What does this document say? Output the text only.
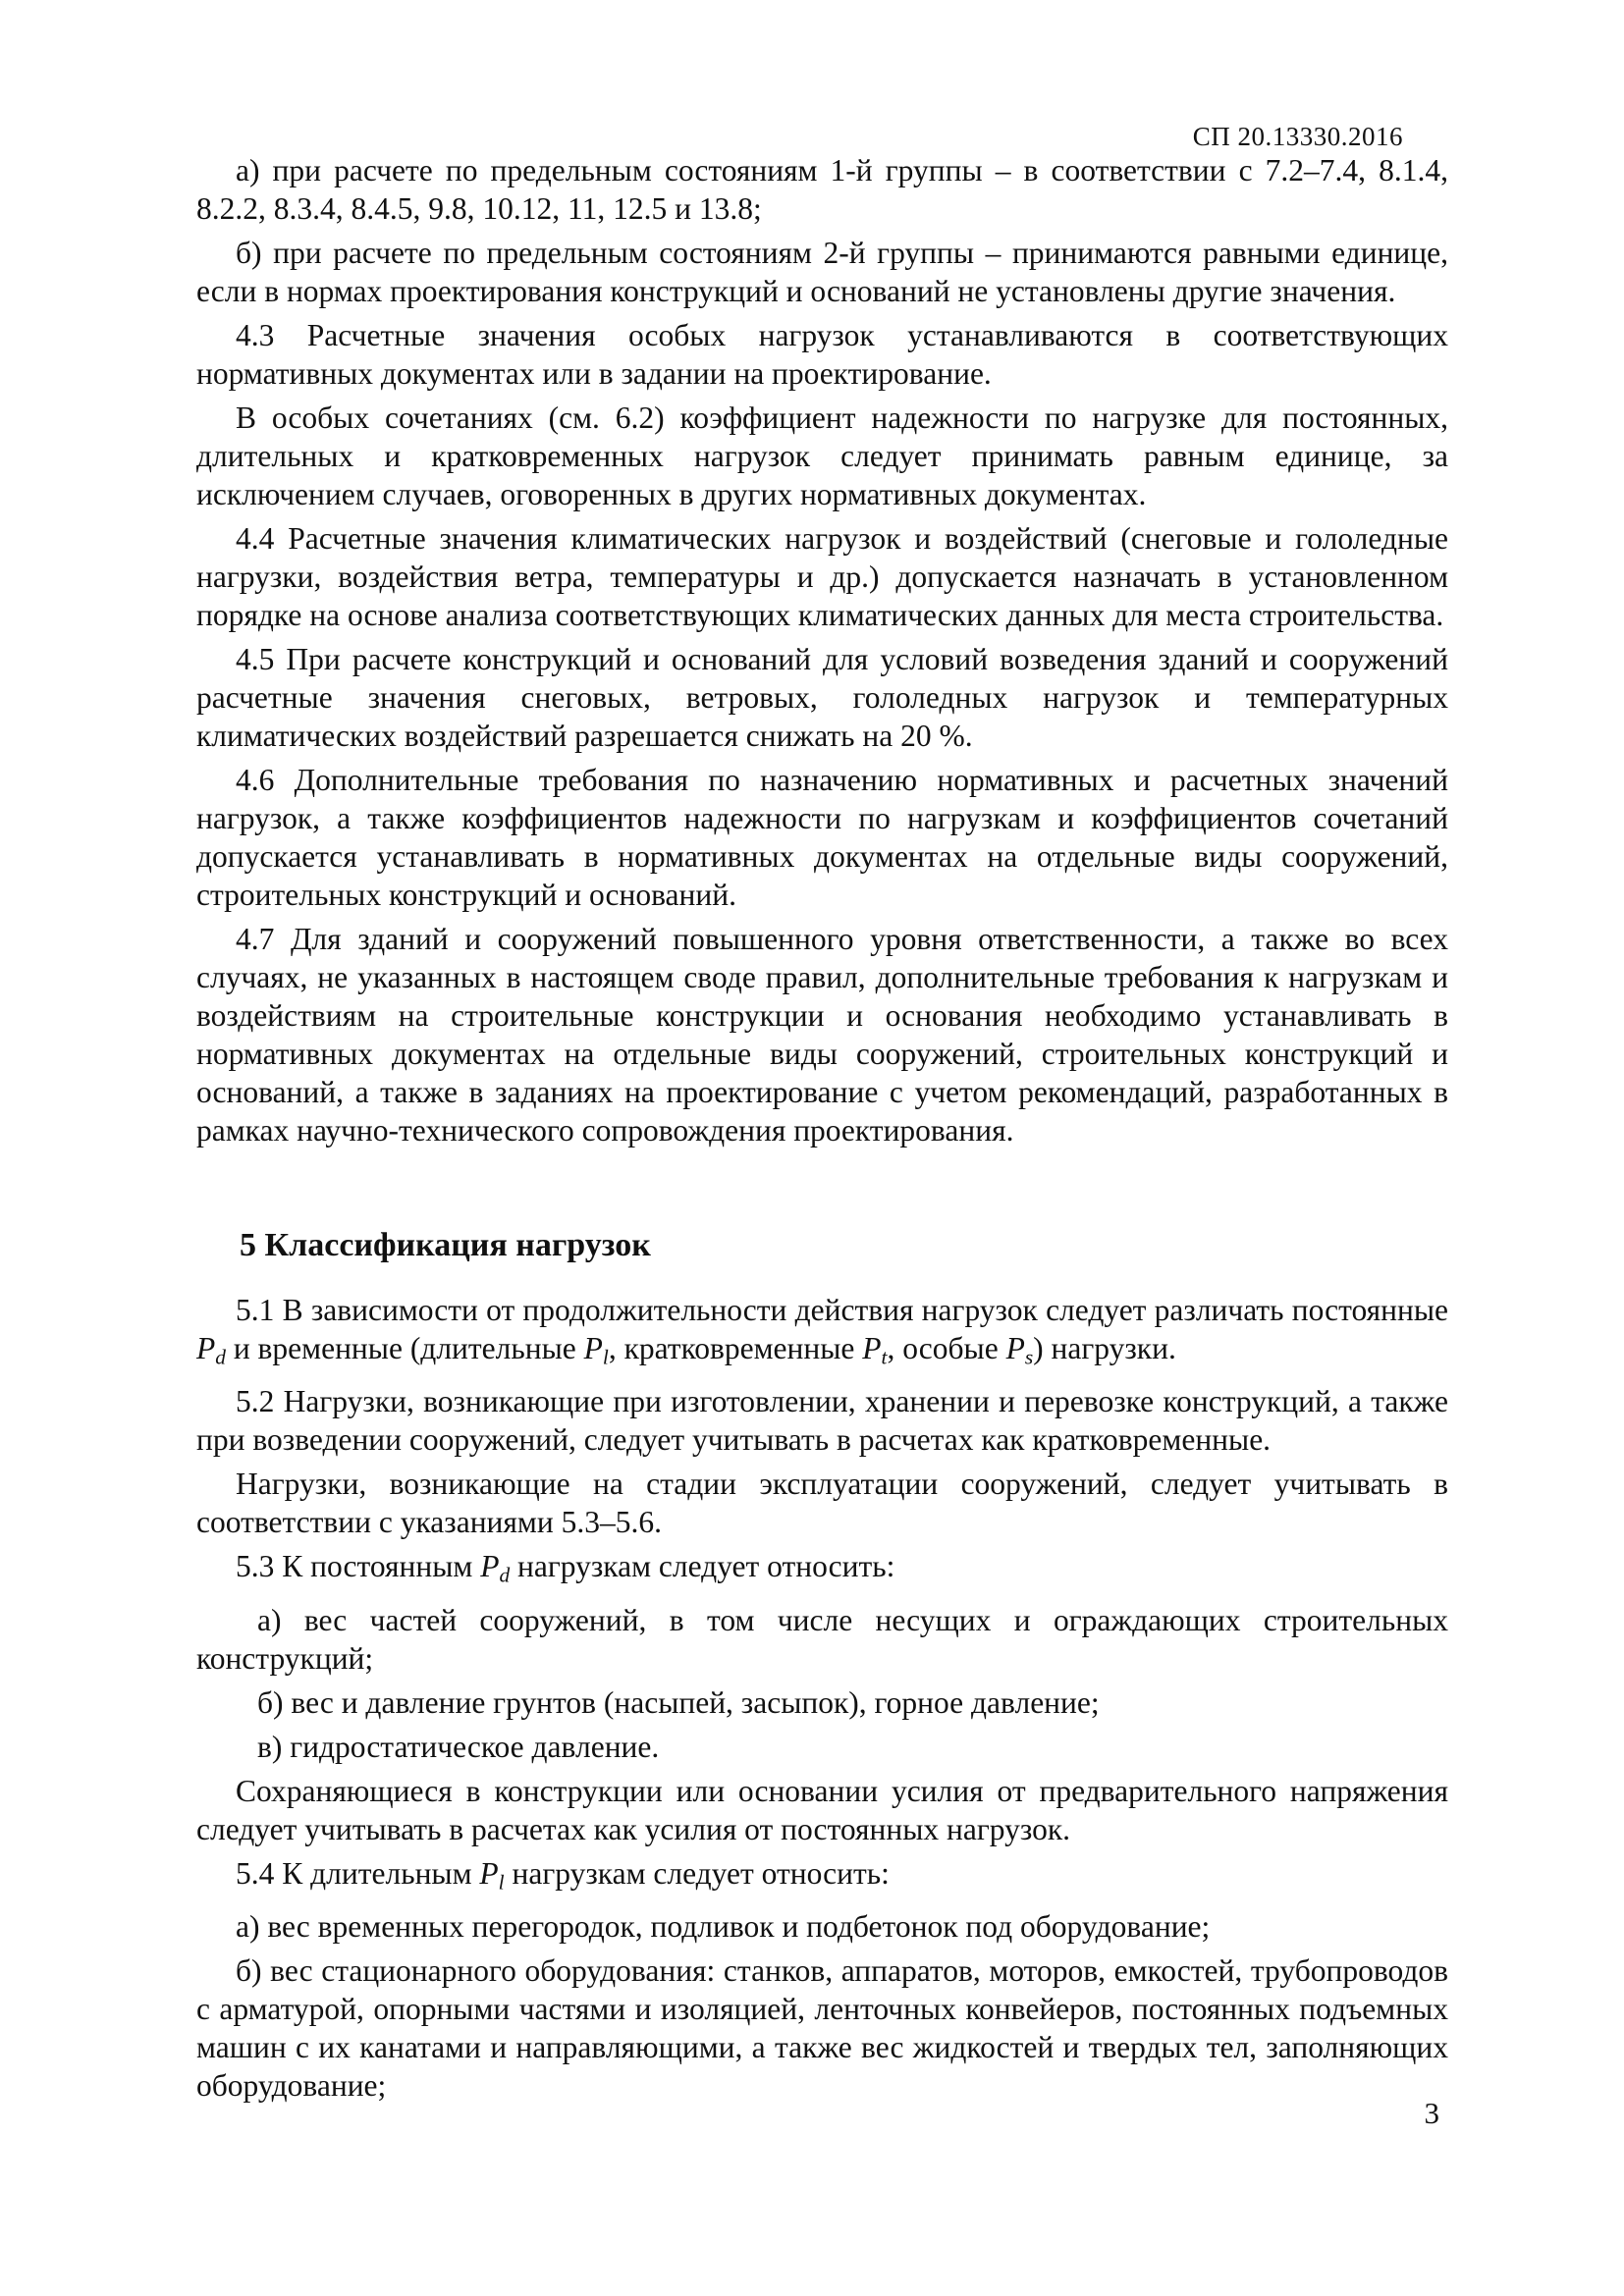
СП 20.13330.2016

а) при расчете по предельным состояниям 1-й группы – в соответствии с 7.2–7.4, 8.1.4, 8.2.2, 8.3.4, 8.4.5, 9.8, 10.12, 11, 12.5 и 13.8;

б) при расчете по предельным состояниям 2-й группы – принимаются равными единице, если в нормах проектирования конструкций и оснований не установлены другие значения.

4.3 Расчетные значения особых нагрузок устанавливаются в соответствующих нормативных документах или в задании на проектирование.

В особых сочетаниях (см. 6.2) коэффициент надежности по нагрузке для постоянных, длительных и кратковременных нагрузок следует принимать равным единице, за исключением случаев, оговоренных в других нормативных документах.

4.4 Расчетные значения климатических нагрузок и воздействий (снеговые и гололедные нагрузки, воздействия ветра, температуры и др.) допускается назначать в установленном порядке на основе анализа соответствующих климатических данных для места строительства.

4.5 При расчете конструкций и оснований для условий возведения зданий и сооружений расчетные значения снеговых, ветровых, гололедных нагрузок и температурных климатических воздействий разрешается снижать на 20 %.

4.6 Дополнительные требования по назначению нормативных и расчетных значений нагрузок, а также коэффициентов надежности по нагрузкам и коэффициентов сочетаний допускается устанавливать в нормативных документах на отдельные виды сооружений, строительных конструкций и оснований.

4.7 Для зданий и сооружений повышенного уровня ответственности, а также во всех случаях, не указанных в настоящем своде правил, дополнительные требования к нагрузкам и воздействиям на строительные конструкции и основания необходимо устанавливать в нормативных документах на отдельные виды сооружений, строительных конструкций и оснований, а также в заданиях на проектирование с учетом рекомендаций, разработанных в рамках научно-технического сопровождения проектирования.

5 Классификация нагрузок

5.1 В зависимости от продолжительности действия нагрузок следует различать постоянные $P_d$ и временные (длительные $P_l$, кратковременные $P_t$, особые $P_s$) нагрузки.

5.2 Нагрузки, возникающие при изготовлении, хранении и перевозке конструкций, а также при возведении сооружений, следует учитывать в расчетах как кратковременные.

Нагрузки, возникающие на стадии эксплуатации сооружений, следует учитывать в соответствии с указаниями 5.3–5.6.

5.3 К постоянным $P_d$ нагрузкам следует относить:

а) вес частей сооружений, в том числе несущих и ограждающих строительных конструкций;

б) вес и давление грунтов (насыпей, засыпок), горное давление;

в) гидростатическое давление.

Сохраняющиеся в конструкции или основании усилия от предварительного напряжения следует учитывать в расчетах как усилия от постоянных нагрузок.

5.4 К длительным $P_l$ нагрузкам следует относить:

а) вес временных перегородок, подливок и подбетонок под оборудование;

б) вес стационарного оборудования: станков, аппаратов, моторов, емкостей, трубопроводов с арматурой, опорными частями и изоляцией, ленточных конвейеров, постоянных подъемных машин с их канатами и направляющими, а также вес жидкостей и твердых тел, заполняющих оборудование;

3
